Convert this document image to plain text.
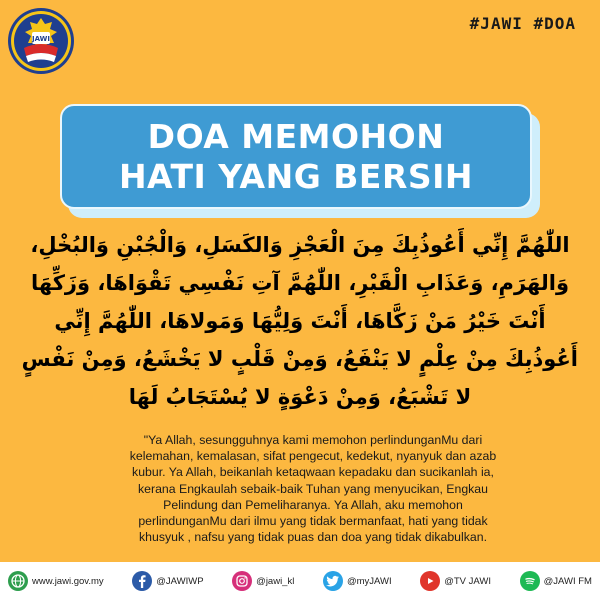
JAWI
#JAWI #DOA
DOA MEMOHON
HATI YANG BERSIH
اللّٰهُمَّ إِنِّي أَعُوذُبِكَ مِنَ الْعَجْزِ وَالكَسَلِ، وَالْجُبْنِ وَالبُخْلِ،
وَالهَرَمِ، وَعَذَابِ الْقَبْرِ، اللّٰهُمَّ آتِ نَفْسِي تَقْوَاهَا، وَزَكِّهَا
أَنْتَ خَيْرُ مَنْ زَكَّاهَا، أَنْتَ وَلِيُّهَا وَمَولاهَا، اللّٰهُمَّ إِنِّي
أَعُوذُبِكَ مِنْ عِلْمٍ لا يَنْفَعُ، وَمِنْ قَلْبٍ لا يَخْشَعُ، وَمِنْ نَفْسٍ
لا تَشْبَعُ، وَمِنْ دَعْوَةٍ لا يُسْتَجَابُ لَهَا
"Ya Allah, sesungguhnya kami memohon perlindunganMu dari
kelemahan, kemalasan, sifat pengecut, kedekut, nyanyuk dan azab
kubur. Ya Allah, beikanlah ketaqwaan kepadaku dan sucikanlah ia,
kerana Engkaulah sebaik-baik Tuhan yang menyucikan, Engkau
Pelindung dan Pemeliharanya. Ya Allah, aku memohon
perlindunganMu dari ilmu yang tidak bermanfaat, hati yang tidak
khusyuk , nafsu yang tidak puas dan doa yang tidak dikabulkan.
www.jawi.gov.my	@JAWIWP	@jawi_kl	@myJAWI	@TV JAWI	@JAWI FM
